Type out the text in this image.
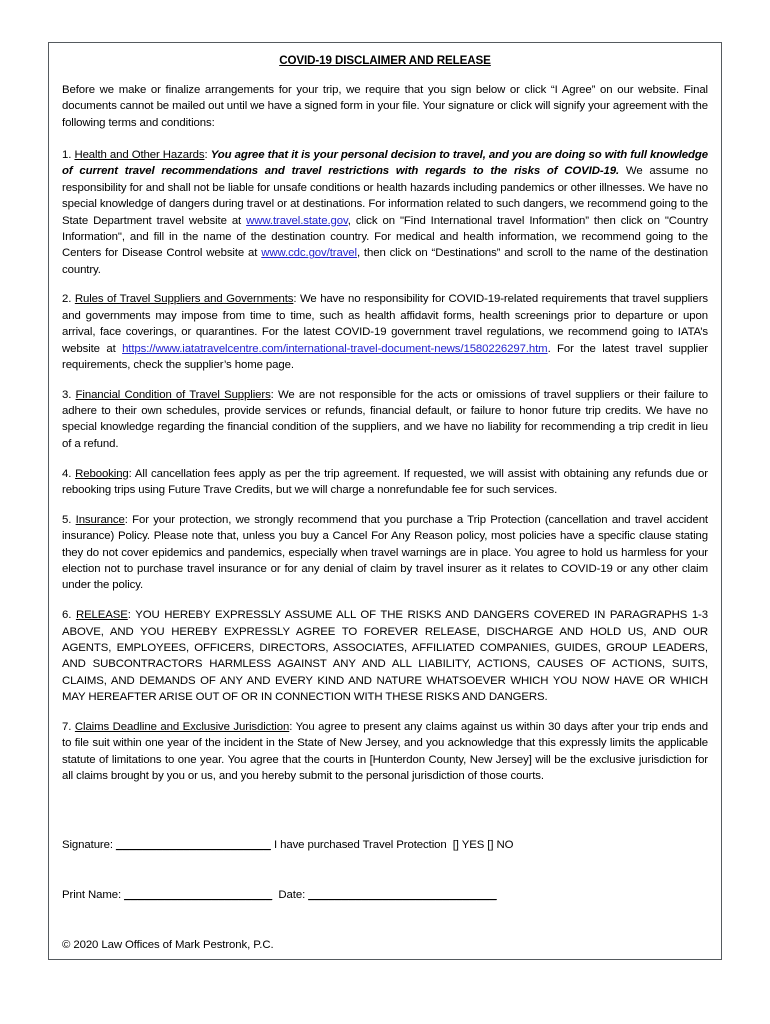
COVID-19 DISCLAIMER AND RELEASE

Before we make or finalize arrangements for your trip, we require that you sign below or click “I Agree” on our website. Final documents cannot be mailed out until we have a signed form in your file. Your signature or click will signify your agreement with the following terms and conditions:

1. Health and Other Hazards: You agree that it is your personal decision to travel, and you are doing so with full knowledge of current travel recommendations and travel restrictions with regards to the risks of COVID-19. We assume no responsibility for and shall not be liable for unsafe conditions or health hazards including pandemics or other illnesses. We have no special knowledge of dangers during travel or at destinations. For information related to such dangers, we recommend going to the State Department travel website at www.travel.state.gov, click on "Find International travel Information” then click on "Country Information", and fill in the name of the destination country. For medical and health information, we recommend going to the Centers for Disease Control website at www.cdc.gov/travel, then click on “Destinations” and scroll to the name of the destination country.

2. Rules of Travel Suppliers and Governments: We have no responsibility for COVID-19-related requirements that travel suppliers and governments may impose from time to time, such as health affidavit forms, health screenings prior to departure or upon arrival, face coverings, or quarantines. For the latest COVID-19 government travel regulations, we recommend going to IATA’s website at https://www.iatatravelcentre.com/international-travel-document-news/1580226297.htm. For the latest travel supplier requirements, check the supplier’s home page.

3. Financial Condition of Travel Suppliers: We are not responsible for the acts or omissions of travel suppliers or their failure to adhere to their own schedules, provide services or refunds, financial default, or failure to honor future trip credits. We have no special knowledge regarding the financial condition of the suppliers, and we have no liability for recommending a trip credit in lieu of a refund.

4. Rebooking: All cancellation fees apply as per the trip agreement. If requested, we will assist with obtaining any refunds due or rebooking trips using Future Trave Credits, but we will charge a nonrefundable fee for such services.

5. Insurance: For your protection, we strongly recommend that you purchase a Trip Protection (cancellation and travel accident insurance) Policy. Please note that, unless you buy a Cancel For Any Reason policy, most policies have a specific clause stating they do not cover epidemics and pandemics, especially when travel warnings are in place. You agree to hold us harmless for your election not to purchase travel insurance or for any denial of claim by travel insurer as it relates to COVID-19 or any other claim under the policy.

6. RELEASE: YOU HEREBY EXPRESSLY ASSUME ALL OF THE RISKS AND DANGERS COVERED IN PARAGRAPHS 1-3 ABOVE, AND YOU HEREBY EXPRESSLY AGREE TO FOREVER RELEASE, DISCHARGE AND HOLD US, AND OUR AGENTS, EMPLOYEES, OFFICERS, DIRECTORS, ASSOCIATES, AFFILIATED COMPANIES, GUIDES, GROUP LEADERS, AND SUBCONTRACTORS HARMLESS AGAINST ANY AND ALL LIABILITY, ACTIONS, CAUSES OF ACTIONS, SUITS, CLAIMS, AND DEMANDS OF ANY AND EVERY KIND AND NATURE WHATSOEVER WHICH YOU NOW HAVE OR WHICH MAY HEREAFTER ARISE OUT OF OR IN CONNECTION WITH THESE RISKS AND DANGERS.

7. Claims Deadline and Exclusive Jurisdiction: You agree to present any claims against us within 30 days after your trip ends and to file suit within one year of the incident in the State of New Jersey, and you acknowledge that this expressly limits the applicable statute of limitations to one year. You agree that the courts in [Hunterdon County, New Jersey] will be the exclusive jurisdiction for all claims brought by you or us, and you hereby submit to the personal jurisdiction of those courts.

Signature: _______________________ I have purchased Travel Protection  [] YES [] NO

Print Name: ______________________  Date: ____________________________

© 2020 Law Offices of Mark Pestronk, P.C.
